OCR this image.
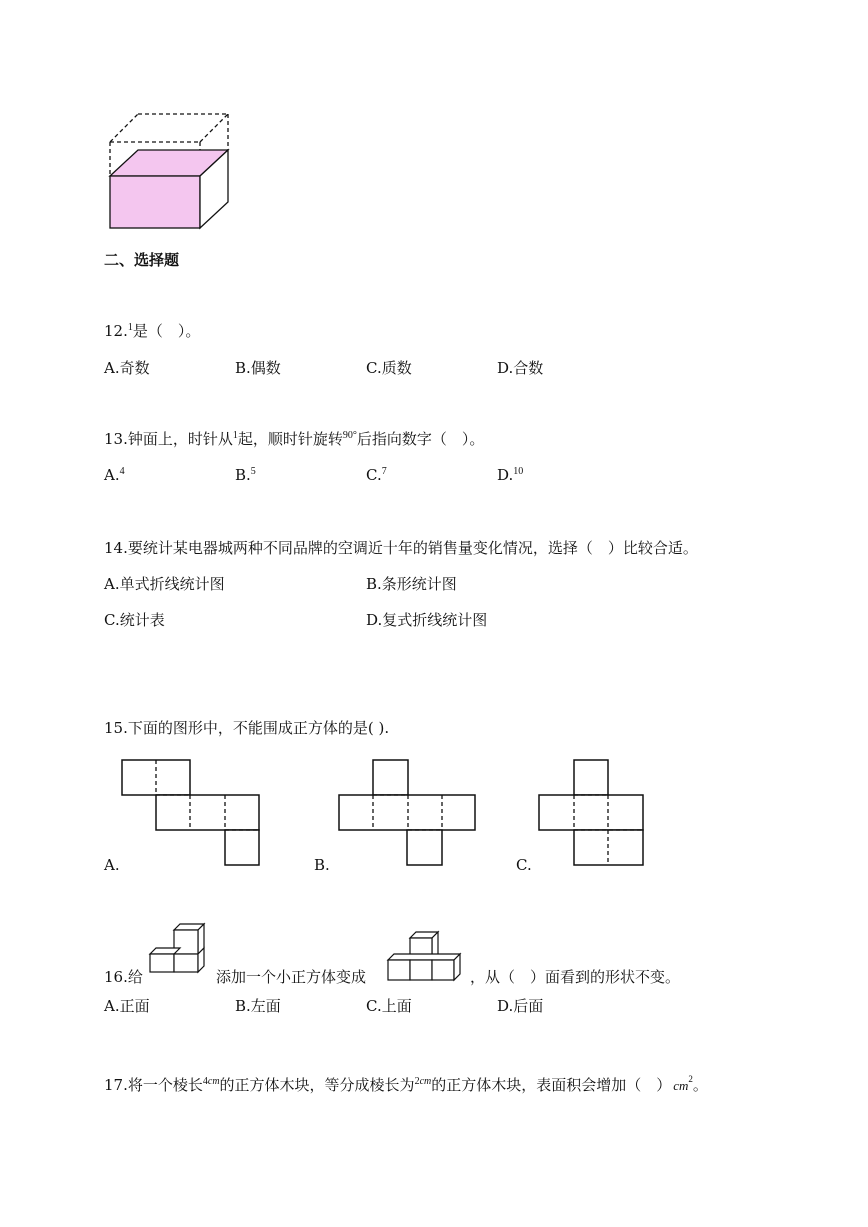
二、选择题
12.$^1$是（　）。
A.奇数	B.偶数	C.质数	D.合数
13.钟面上，时针从$^1$起，顺时针旋转$^{90^\circ}$后指向数字（　）。
A.$^4$	B.$^5$	C.$^7$	D.$^{10}$
14.要统计某电器城两种不同品牌的空调近十年的销售量变化情况，选择（　）比较合适。
A.单式折线统计图	B.条形统计图
C.统计表	D.复式折线统计图
15.下面的图形中，不能围成正方体的是( ).
A.	B.	C.
16.给	添加一个小正方体变成	，从（　）面看到的形状不变。
A.正面	B.左面	C.上面	D.后面
17.将一个棱长$^{4cm}$的正方体木块，等分成棱长为$^{2cm}$的正方体木块，表面积会增加（　） $cm^2$。
